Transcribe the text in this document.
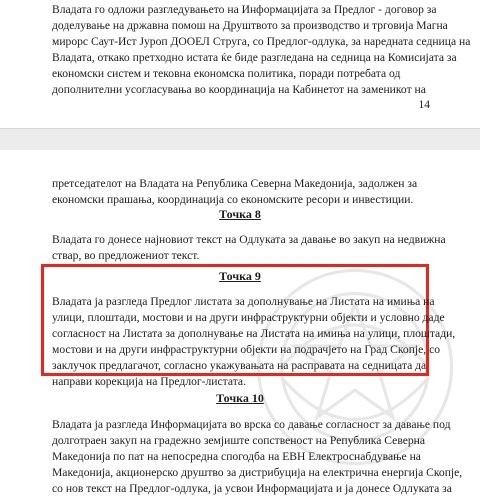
Владата го одложи разгледувањето на Информацијата за Предлог - договор за
доделување на државна помош на Друштвото за производство и трговија Магна
мирорс Саут-Ист Јуроп ДООЕЛ Струга, со Предлог-одлука, за наредната седница на
Владата, откако претходно истата ќе биде разгледана на седница на Комисијата за
економски систем и тековна економска политика, поради потребата од
дополнителни усогласувања во координација на Кабинетот на заменикот на

14

претседателот на Владата на Република Северна Македонија, задолжен за
економски прашања, координација со економските ресори и инвестиции.

Точка 8

Владата го донесе најновиот текст на Одлуката за давање во закуп на недвижна
ствар, во предложениот текст.

Точка 9

Владата ја разгледа Предлог листата за дополнување на Листата на имиња на
улици, плоштади, мостови и на други инфраструктурни објекти и условно даде
согласност на Листата за дополнување на Листата на имиња на улици, плоштади,
мостови и на други инфраструктурни објекти на подрачјето на Град Скопје, со
заклучок предлагачот, согласно укажувањата на расправата на седницата да
направи корекција на Предлог-листата.

Точка 10

Владата ја разгледа Информацијата во врска со давање согласност за давање под
долготраен закуп на градежно земјиште сопственост на Република Северна
Македонија по пат на непосредна спогодба на ЕВН Електроснабдување на
Македонија, акционерско друштво за дистрибуција на електрична енергија Скопје,
со нов текст на Предлог-одлука, ја усвои Информацијата и ја донесе Одлуката за
